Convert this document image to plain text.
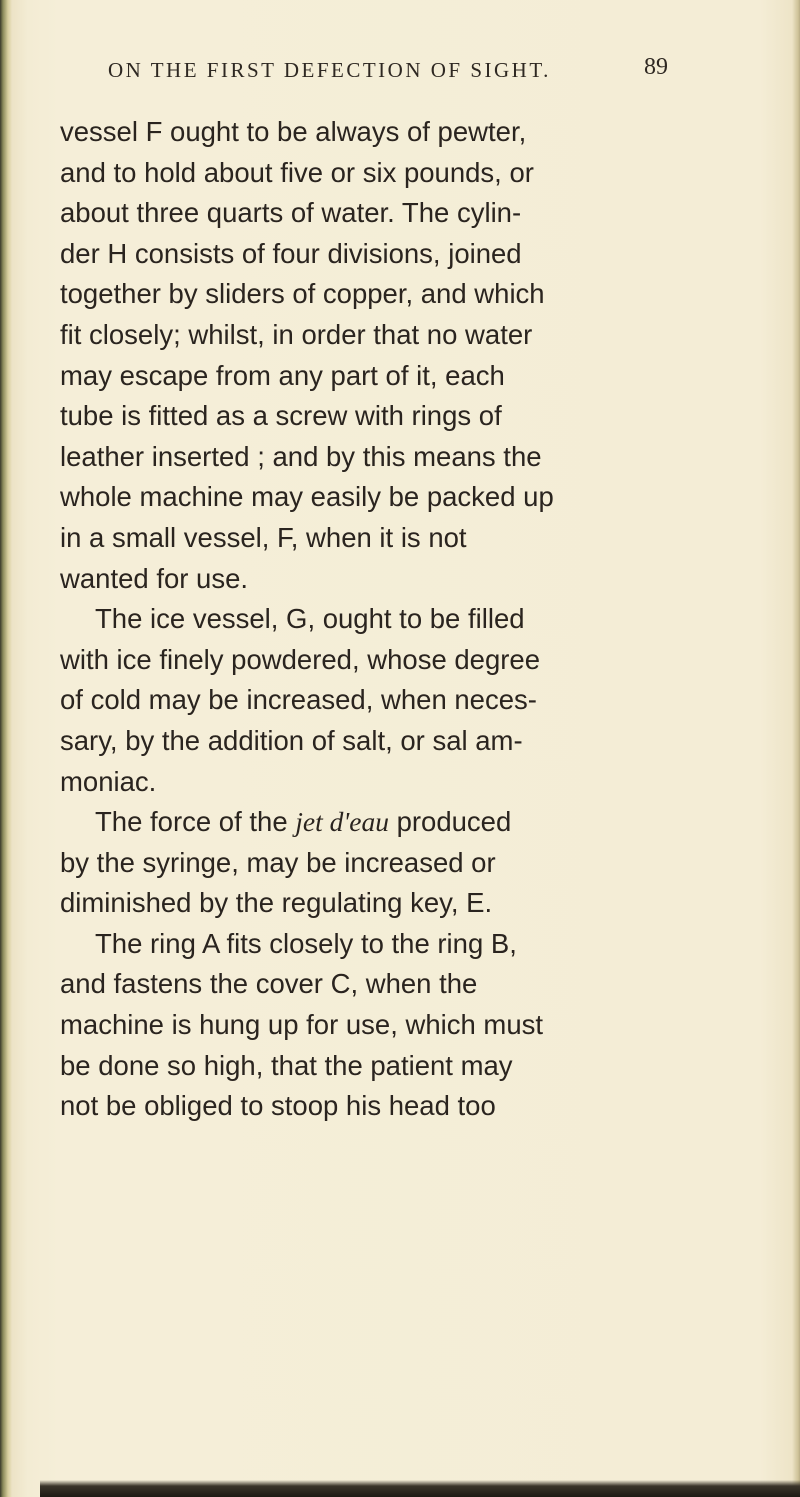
ON THE FIRST DEFECTION OF SIGHT.	89
vessel F ought to be always of pewter,
and to hold about five or six pounds, or
about three quarts of water. The cylin-
der H consists of four divisions, joined
together by sliders of copper, and which
fit closely; whilst, in order that no water
may escape from any part of it, each
tube is fitted as a screw with rings of
leather inserted ; and by this means the
whole machine may easily be packed up
in a small vessel, F, when it is not
wanted for use.
The ice vessel, G, ought to be filled
with ice finely powdered, whose degree
of cold may be increased, when neces-
sary, by the addition of salt, or sal am-
moniac.
The force of the jet d'eau produced
by the syringe, may be increased or
diminished by the regulating key, E.
The ring A fits closely to the ring B,
and fastens the cover C, when the
machine is hung up for use, which must
be done so high, that the patient may
not be obliged to stoop his head too
